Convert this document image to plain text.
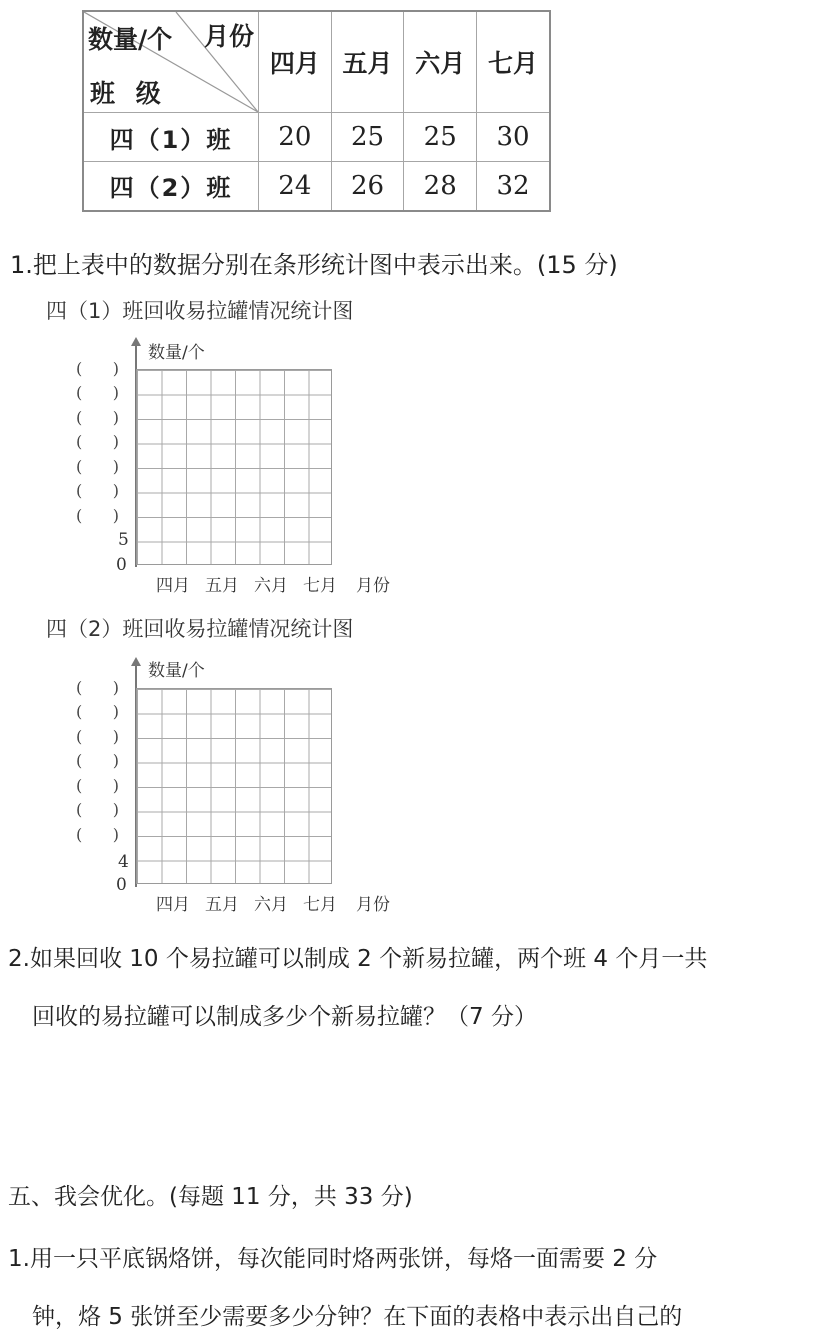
数量/个 月份
班 级	四月	五月	六月	七月
四（1）班	20	25	25	30
四（2）班	24	26	28	32
1.把上表中的数据分别在条形统计图中表示出来。(15 分)
四（1）班回收易拉罐情况统计图
数量/个
(      )
(      )
(      )
(      )
(      )
(      )
(      )
5
0
四月 五月 六月 七月 月份
四（2）班回收易拉罐情况统计图
数量/个
(      )
(      )
(      )
(      )
(      )
(      )
(      )
4
0
四月 五月 六月 七月 月份
2.如果回收 10 个易拉罐可以制成 2 个新易拉罐，两个班 4 个月一共
回收的易拉罐可以制成多少个新易拉罐？（7 分）
五、我会优化。(每题 11 分，共 33 分)
1.用一只平底锅烙饼，每次能同时烙两张饼，每烙一面需要 2 分
钟，烙 5 张饼至少需要多少分钟？在下面的表格中表示出自己的
